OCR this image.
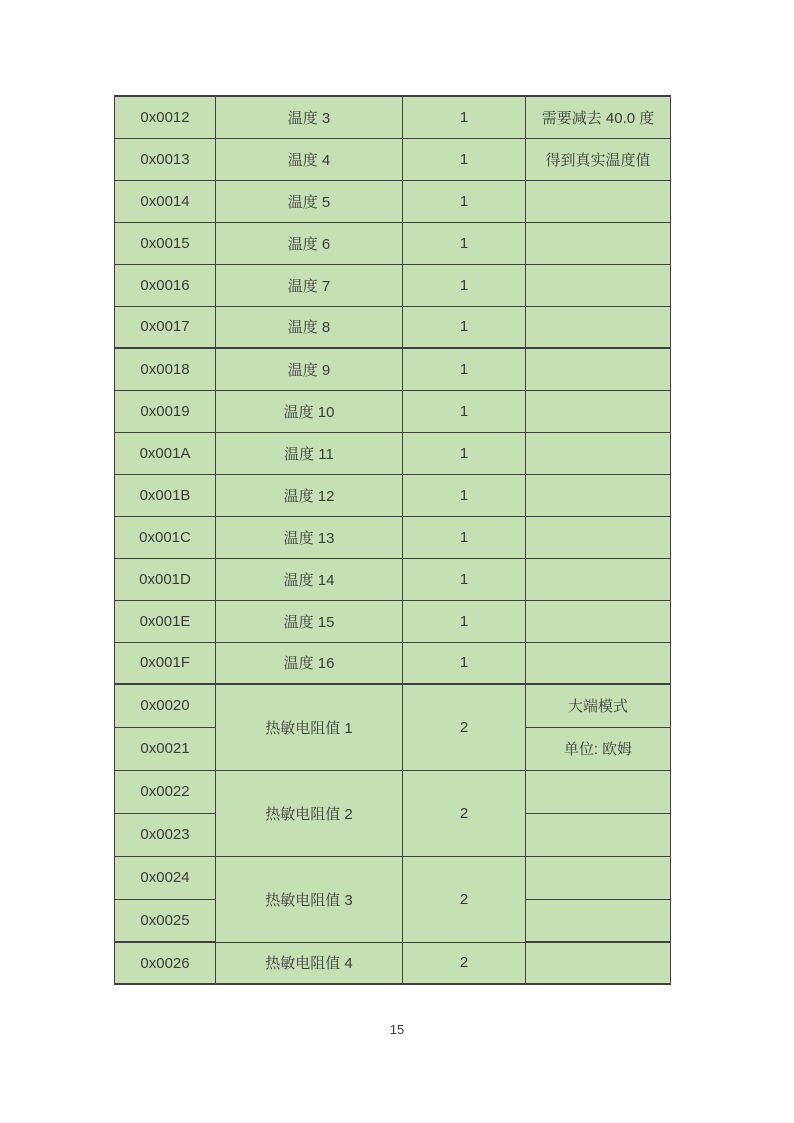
0x0012	温度 3	1	需要减去 40.0 度
0x0013	温度 4	1	得到真实温度值
0x0014	温度 5	1	
0x0015	温度 6	1	
0x0016	温度 7	1	
0x0017	温度 8	1	
0x0018	温度 9	1	
0x0019	温度 10	1	
0x001A	温度 11	1	
0x001B	温度 12	1	
0x001C	温度 13	1	
0x001D	温度 14	1	
0x001E	温度 15	1	
0x001F	温度 16	1	
0x0020	热敏电阻值 1	2	大端模式
0x0021			单位: 欧姆
0x0022	热敏电阻值 2	2	
0x0023			
0x0024	热敏电阻值 3	2	
0x0025			
0x0026	热敏电阻值 4	2	
15
